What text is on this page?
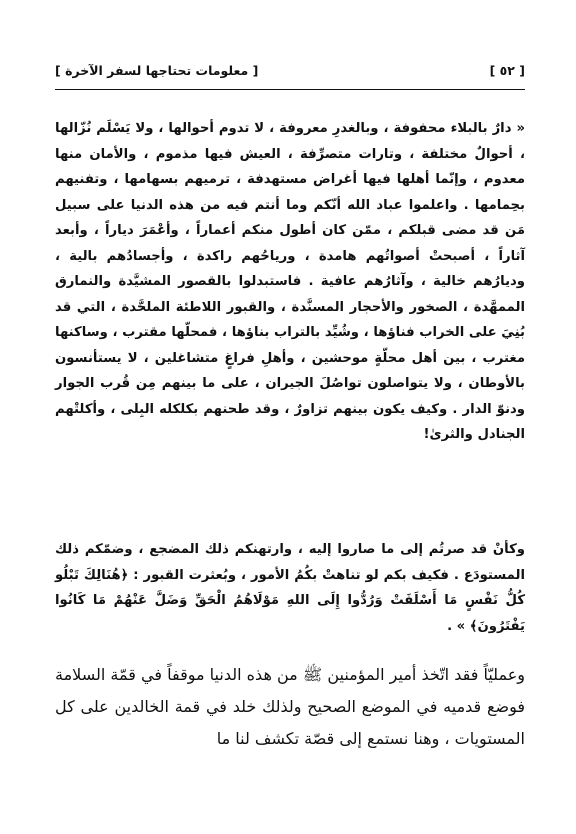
[ ٥٢ ]
[ معلومات تحتاجها لسفر الآخرة ]

« دارٌ بالبلاء محفوفة ، وبالغدرِ معروفة ، لا تدوم أحوالها ، ولا يَسْلَم نُزّالها ، أحوالٌ مختلفة ، وتارات متصرِّفة ، العيش فيها مذموم ، والأمان منها معدوم ، وإنّما أهلها فيها أغراض مستهدفة ، ترميهم بسهامها ، وتفنيهم بحِمامها . واعلموا عباد الله أنّكم وما أنتم فيه من هذه الدنيا على سبيل مَن قد مضى قبلكم ، ممّن كان أطول منكم أعماراً ، وأعْمَرَ دياراً ، وأبعد آثاراً ، أصبحتْ أصواتُهم هامدة ، ورياحُهم راكدة ، وأجسادُهم بالية ، وديارُهم خالية ، وآثارُهم عافية . فاستبدلوا بالقصور المشيَّدة والنمارق الممهَّدة ، الصخور والأحجار المسنَّدة ، والقبور اللاطئة الملحَّدة ، التي قد بُنِيَ على الخراب فناؤها ، وشُيِّد بالتراب بناؤها ، فمحلّها مقترب ، وساكنها مغترب ، بين أهل محلّةٍ موحشين ، وأهلِ فراغٍ متشاغلين ، لا يستأنسون بالأوطان ، ولا يتواصلون تواصُلَ الجيران ، على ما بينهم مِن قُرب الجوار ودنوّ الدار . وكيف يكون بينهم تزاورٌ ، وقد طحنهم بكلكله البِلى ، وأكلتْهم الجنادل والثرىٰ!

وكأنْ قد صرتُم إلى ما صاروا إليه ، وارتهنكم ذلك المضجع ، وضمّكم ذلك المستودَع . فكيف بكم لو تناهتْ بكُمُ الأمور ، وبُعثرت القبور : ﴿هُنَالِكَ تَبْلُو كُلُّ نَفْسٍ مَا أَسْلَفَتْ وَرُدُّوا إِلَى اللهِ مَوْلَاهُمُ الْحَقِّ وَضَلَّ عَنْهُمْ مَا كَانُوا يَفْتَرُونَ﴾ » .

وعمليّاً فقد اتّخذ أمير المؤمنين ﷺ من هذه الدنيا موقفاً في قمّة السلامة فوضع قدميه في الموضع الصحيح ولذلك خلد في قمة الخالدين على كل المستويات ، وهنا نستمع إلى قصّة تكشف لنا ما
